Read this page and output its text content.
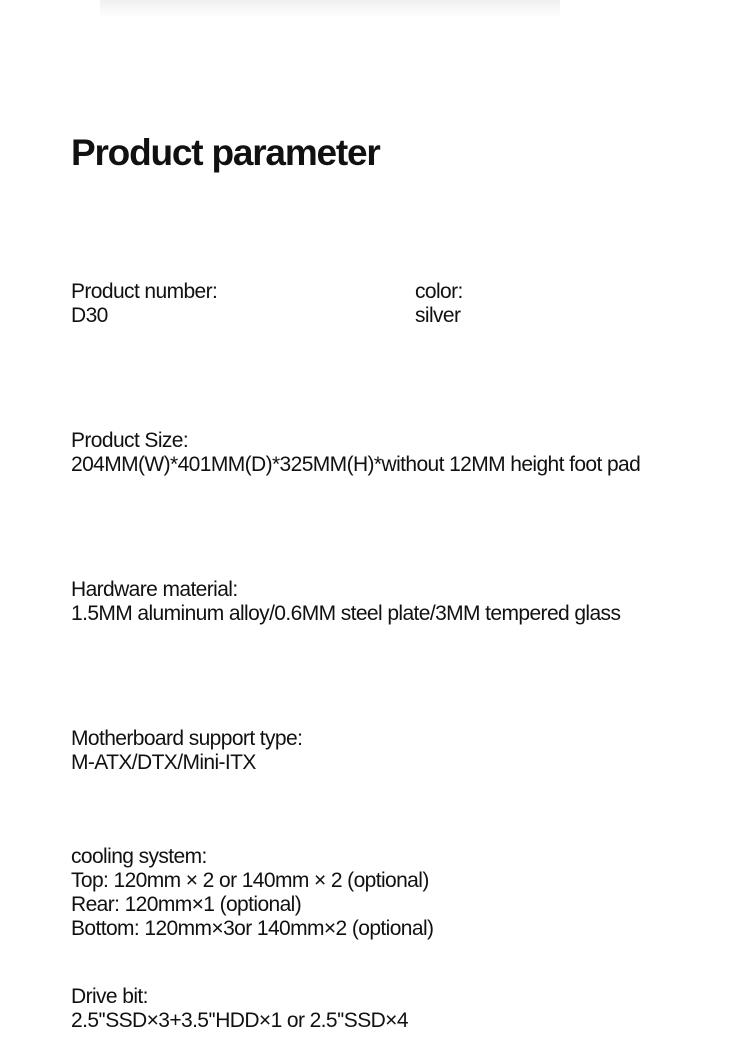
Product parameter
Product number:
D30
color:
silver
Product Size:
204MM(W)*401MM(D)*325MM(H)*without 12MM height foot pad
Hardware material:
1.5MM aluminum alloy/0.6MM steel plate/3MM tempered glass
Motherboard support type:
M-ATX/DTX/Mini-ITX
cooling system:
Top: 120mm × 2 or 140mm × 2 (optional)
Rear: 120mm×1 (optional)
Bottom: 120mm×3or 140mm×2 (optional)
Drive bit:
2.5''SSD×3+3.5''HDD×1 or 2.5''SSD×4
